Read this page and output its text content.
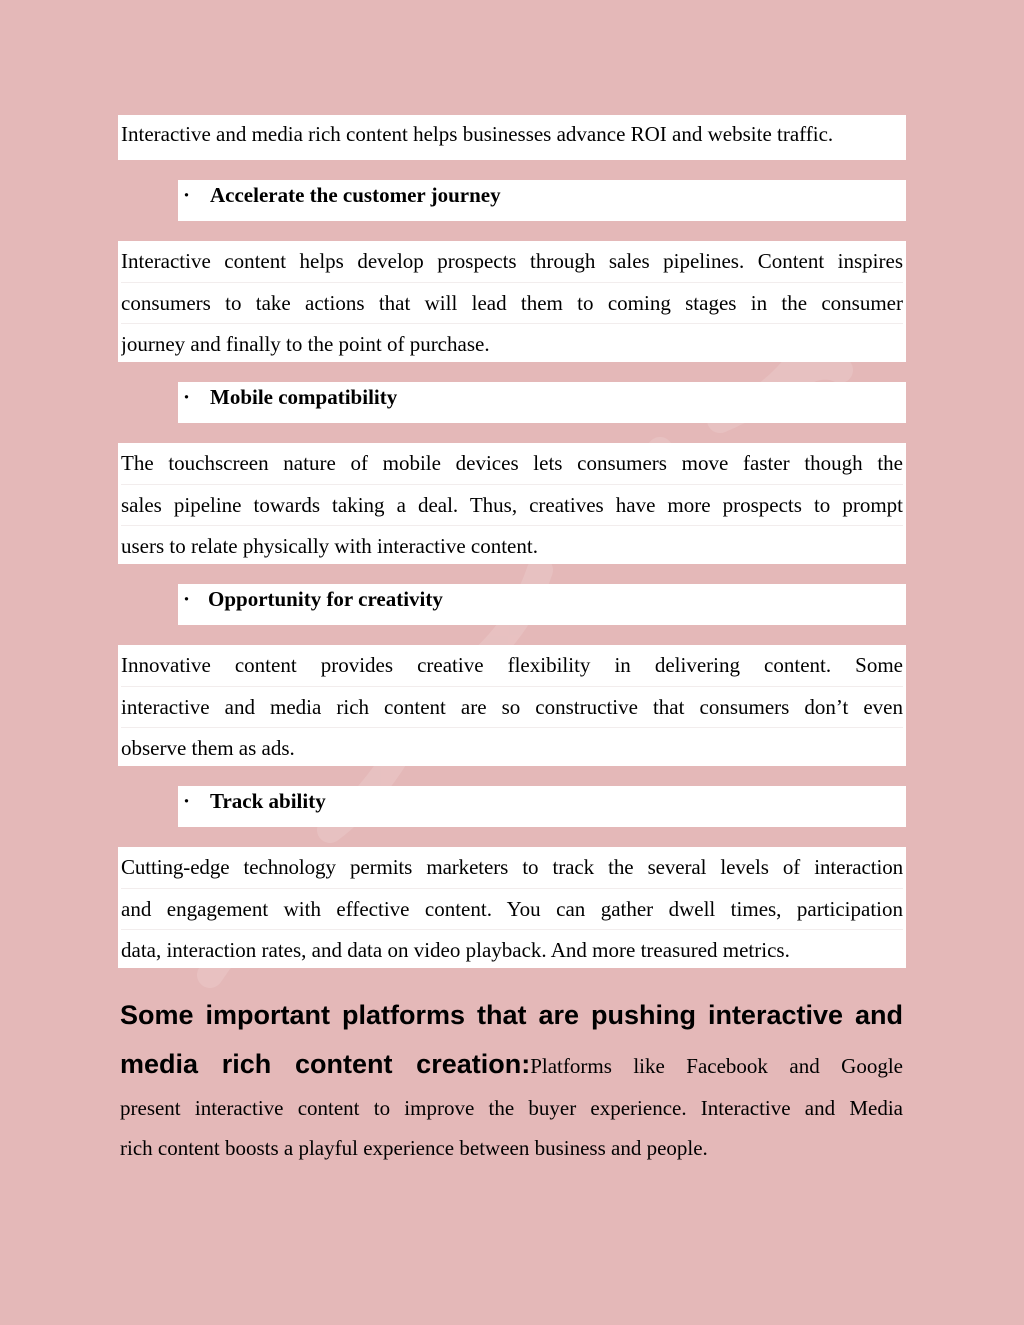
Interactive and media rich content helps businesses advance ROI and website traffic.
· Accelerate the customer journey
Interactive content helps develop prospects through sales pipelines. Content inspires
consumers to take actions that will lead them to coming stages in the consumer
journey and finally to the point of purchase.
· Mobile compatibility
The touchscreen nature of mobile devices lets consumers move faster though the
sales pipeline towards taking a deal. Thus, creatives have more prospects to prompt
users to relate physically with interactive content.
· Opportunity for creativity
Innovative content provides creative flexibility in delivering content. Some
interactive and media rich content are so constructive that consumers don’t even
observe them as ads.
· Track ability
Cutting-edge technology permits marketers to track the several levels of interaction
and engagement with effective content. You can gather dwell times, participation
data, interaction rates, and data on video playback. And more treasured metrics.
Some important platforms that are pushing interactive and
media rich content creation:Platforms like Facebook and Google
present interactive content to improve the buyer experience. Interactive and Media
rich content boosts a playful experience between business and people.
